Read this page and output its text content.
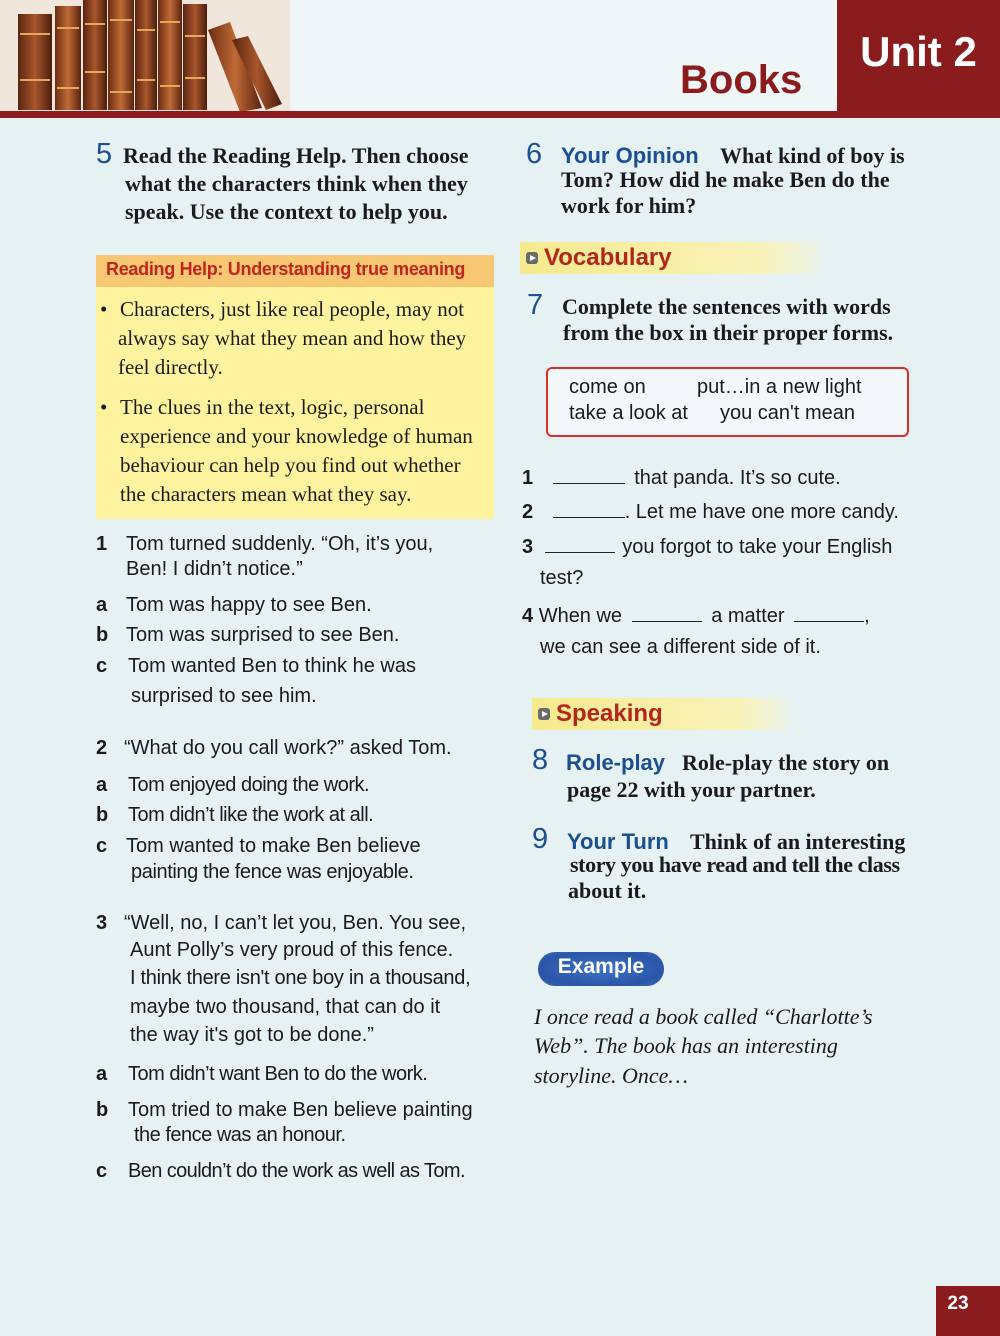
Books
Unit 2
5 Read the Reading Help. Then choose
what the characters think when they
speak. Use the context to help you.
Reading Help: Understanding true meaning
• Characters, just like real people, may not
always say what they mean and how they
feel directly.
• The clues in the text, logic, personal
experience and your knowledge of human
behaviour can help you find out whether
the characters mean what they say.
1 Tom turned suddenly. “Oh, it’s you,
Ben! I didn’t notice.”
a Tom was happy to see Ben.
b Tom was surprised to see Ben.
c	Tom wanted Ben to think he was
surprised to see him.
2 “What do you call work?” asked Tom.
a	Tom enjoyed doing the work.
b Tom didn’t like the work at all.
c Tom wanted to make Ben believe
painting the fence was enjoyable.
3 “Well, no, I can’t let you, Ben. You see,
Aunt Polly’s very proud of this fence.
I think there isn't one boy in a thousand,
maybe two thousand, that can do it
the way it's got to be done.”
a	Tom didn’t want Ben to do the work.
b Tom tried to make Ben believe painting
the fence was an honour.
c	Ben couldn’t do the work as well as Tom.
6 Your Opinion What kind of boy is
Tom? How did he make Ben do the
work for him?
Vocabulary
7 Complete the sentences with words
from the box in their proper forms.
come on	put…in a new light
take a look at you can't mean
1	that panda. It’s so cute.
2	. Let me have one more candy.
3	you forgot to take your English
test?
4 When we	a matter	,
we can see a different side of it.
Speaking
8 Role-play Role-play the story on
page 22 with your partner.
9 Your Turn Think of an interesting
story you have read and tell the class
about it.
Example
I once read a book called “Charlotte’s
Web”. The book has an interesting
storyline. Once…
23
